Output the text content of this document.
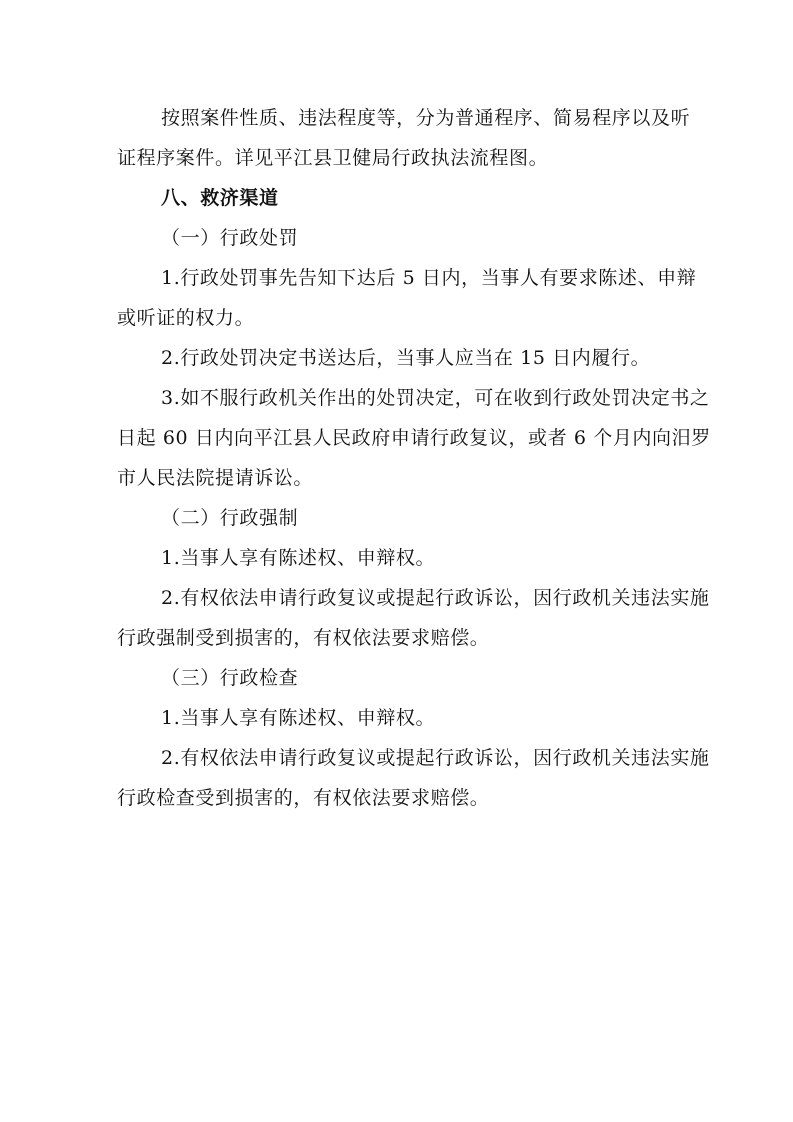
按照案件性质、违法程度等，分为普通程序、简易程序以及听
证程序案件。详见平江县卫健局行政执法流程图。
八、救济渠道
（一）行政处罚
1.行政处罚事先告知下达后 5 日内，当事人有要求陈述、申辩
或听证的权力。
2.行政处罚决定书送达后，当事人应当在 15 日内履行。
3.如不服行政机关作出的处罚决定，可在收到行政处罚决定书之
日起 60 日内向平江县人民政府申请行政复议，或者 6 个月内向汨罗
市人民法院提请诉讼。
（二）行政强制
1.当事人享有陈述权、申辩权。
2.有权依法申请行政复议或提起行政诉讼，因行政机关违法实施
行政强制受到损害的，有权依法要求赔偿。
（三）行政检查
1.当事人享有陈述权、申辩权。
2.有权依法申请行政复议或提起行政诉讼，因行政机关违法实施
行政检查受到损害的，有权依法要求赔偿。
